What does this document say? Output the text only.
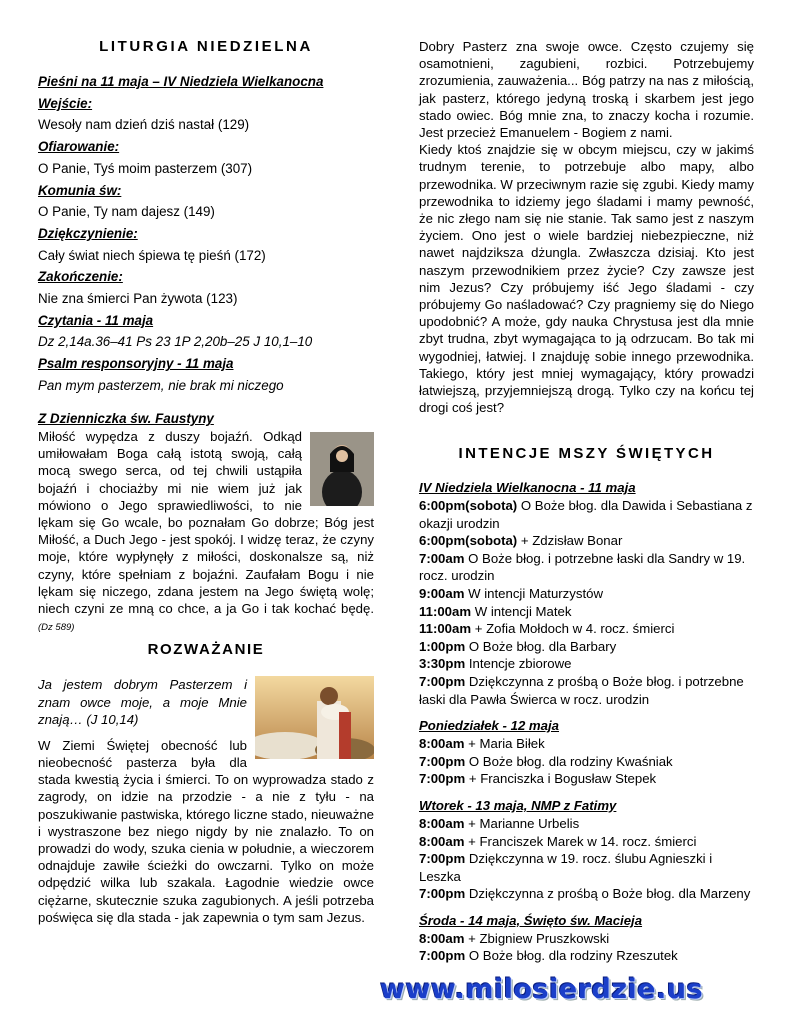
LITURGIA NIEDZIELNA
Pieśni na 11 maja – IV Niedziela Wielkanocna
Wejście:
Wesoły nam dzień dziś nastał (129)
Ofiarowanie:
O Panie, Tyś moim pasterzem (307)
Komunia św:
O Panie, Ty nam dajesz (149)
Dziękczynienie:
Cały świat niech śpiewa tę pieśń (172)
Zakończenie:
Nie zna śmierci Pan żywota (123)
Czytania - 11 maja
Dz 2,14a.36–41 Ps 23 1P 2,20b–25 J 10,1–10
Psalm responsoryjny - 11 maja
Pan mym pasterzem, nie brak mi niczego
Z Dzienniczka św. Faustyny
Miłość wypędza z duszy bojaźń. Odkąd umiłowałam Boga całą istotą swoją, całą mocą swego serca, od tej chwili ustąpiła bojaźń i chociażby mi nie wiem już jak mówiono o Jego sprawiedliwości, to nie lękam się Go wcale, bo poznałam Go dobrze; Bóg jest Miłość, a Duch Jego - jest spokój. I widzę teraz, że czyny moje, które wypłynęły z miłości, doskonalsze są, niż czyny, które spełniam z bojaźni. Zaufałam Bogu i nie lękam się niczego, zdana jestem na Jego świętą wolę; niech czyni ze mną co chce, a ja Go i tak kochać będę. (Dz 589)
ROZWAŻANIE
Ja jestem dobrym Pasterzem i znam owce moje, a moje Mnie znają… (J 10,14)
W Ziemi Świętej obecność lub nieobecność pasterza była dla stada kwestią życia i śmierci. To on wyprowadza stado z zagrody, on idzie na przodzie - a nie z tyłu - na poszukiwanie pastwiska, którego liczne stado, nieuważne i wystraszone bez niego nigdy by nie znalazło. To on prowadzi do wody, szuka cienia w południe, a wieczorem odnajduje zawiłe ścieżki do owczarni. Tylko on może odpędzić wilka lub szakala. Łagodnie wiedzie owce ciężarne, skutecznie szuka zagubionych. A jeśli potrzeba poświęca się dla stada - jak zapewnia o tym sam Jezus.
Dobry Pasterz zna swoje owce. Często czujemy się osamotnieni, zagubieni, rozbici. Potrzebujemy zrozumienia, zauważenia... Bóg patrzy na nas z miłością, jak pasterz, którego jedyną troską i skarbem jest jego stado owiec. Bóg mnie zna, to znaczy kocha i rozumie. Jest przecież Emanuelem - Bogiem z nami.
Kiedy ktoś znajdzie się w obcym miejscu, czy w jakimś trudnym terenie, to potrzebuje albo mapy, albo przewodnika. W przeciwnym razie się zgubi. Kiedy mamy przewodnika to idziemy jego śladami i mamy pewność, że nic złego nam się nie stanie. Tak samo jest z naszym życiem. Ono jest o wiele bardziej niebezpieczne, niż nawet najdziksza dżungla. Zwłaszcza dzisiaj. Kto jest naszym przewodnikiem przez życie? Czy zawsze jest nim Jezus? Czy próbujemy iść Jego śladami - czy próbujemy Go naśladować? Czy pragniemy się do Niego upodobnić? A może, gdy nauka Chrystusa jest dla mnie zbyt trudna, zbyt wymagająca to ją odrzucam. Bo tak mi wygodniej, łatwiej. I znajduję sobie innego przewodnika. Takiego, który jest mniej wymagający, który prowadzi łatwiejszą, przyjemniejszą drogą. Tylko czy na końcu tej drogi coś jest?
INTENCJE MSZY ŚWIĘTYCH
IV Niedziela Wielkanocna - 11 maja
6:00pm(sobota) O Boże błog. dla Dawida i Sebastiana z okazji urodzin
6:00pm(sobota) + Zdzisław Bonar
7:00am O Boże błog. i potrzebne łaski dla Sandry w 19. rocz. urodzin
9:00am W intencji Maturzystów
11:00am W intencji Matek
11:00am + Zofia Mołdoch w 4. rocz. śmierci
1:00pm O Boże błog. dla Barbary
3:30pm Intencje zbiorowe
7:00pm Dziękczynna z prośbą o Boże błog. i potrzebne łaski dla Pawła Świerca w rocz. urodzin
Poniedziałek - 12 maja
8:00am + Maria Biłek
7:00pm O Boże błog. dla rodziny Kwaśniak
7:00pm + Franciszka i Bogusław Stepek
Wtorek - 13 maja, NMP z Fatimy
8:00am + Marianne Urbelis
8:00am + Franciszek Marek w 14. rocz. śmierci
7:00pm Dziękczynna w 19. rocz. ślubu Agnieszki i Leszka
7:00pm Dziękczynna z prośbą o Boże błog. dla Marzeny
Środa - 14 maja, Święto św. Macieja
8:00am + Zbigniew Pruszkowski
7:00pm O Boże błog. dla rodziny Rzeszutek
www.milosierdzie.us
